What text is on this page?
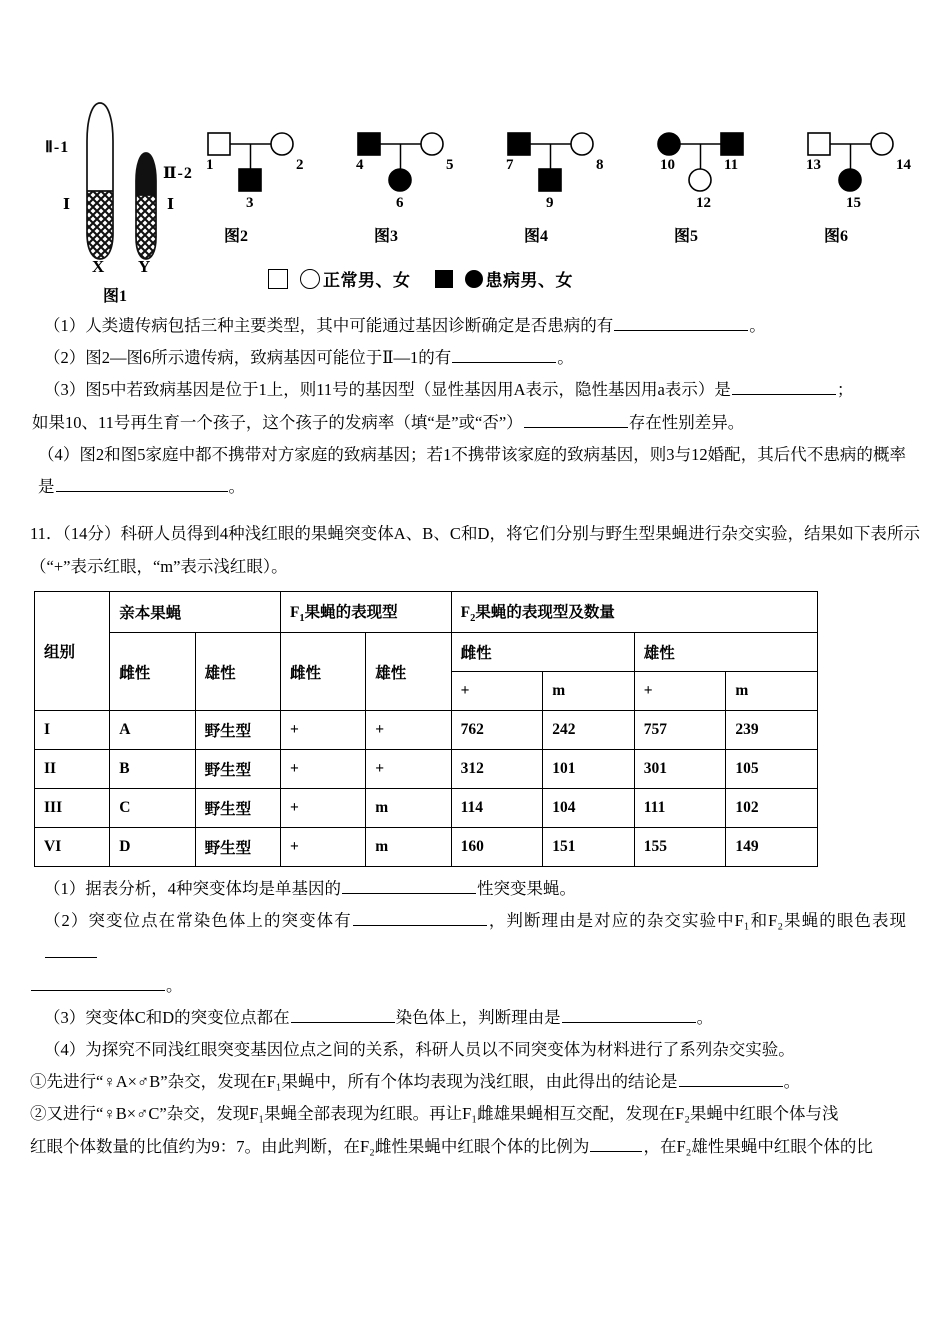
Ⅱ-1
Ⅱ-2
Ⅰ	Ⅰ
X Y
图1
1	2
3
图2
4	5
6
图3
7	8
9
图4
10	11
12
图5
13	14
15
图6
正常男、女	患病男、女

（1）人类遗传病包括三种主要类型，其中可能通过基因诊断确定是否患病的有	。

（2）图2—图6所示遗传病，致病基因可能位于Ⅱ—1的有	。

（3）图5中若致病基因是位于1上，则11号的基因型（显性基因用A表示，隐性基因用a表示）是	；

如果10、11号再生育一个孩子，这个孩子的发病率（填“是”或“否”）	存在性别差异。

（4）图2和图5家庭中都不携带对方家庭的致病基因；若1不携带该家庭的致病基因，则3与12婚配，其后代不患病的概率是	。

11．（14分）科研人员得到4种浅红眼的果蝇突变体A、B、C和D，将它们分别与野生型果蝇进行杂交实验，结果如下表所示（“+”表示红眼，“m”表示浅红眼）。

组别	亲本果蝇		$F_1$果蝇的表现型		$F_2$果蝇的表现型及数量			
	雌性	雄性	雌性	雄性	雌性		雄性	
					+	m	+	m
I	A	野生型	+	+	762	242	757	239
II	B	野生型	+	+	312	101	301	105
III	C	野生型	+	m	114	104	111	102
VI	D	野生型	+	m	160	151	155	149

（1）据表分析，4种突变体均是单基因的	性突变果蝇。

（2）突变位点在常染色体上的突变体有	，判断理由是对应的杂交实验中F₁和F₂果蝇的眼色表现

。

（3）突变体C和D的突变位点都在	染色体上，判断理由是	。

（4）为探究不同浅红眼突变基因位点之间的关系，科研人员以不同突变体为材料进行了系列杂交实验。

①先进行“♀A×♂B”杂交，发现在F₁果蝇中，所有个体均表现为浅红眼，由此得出的结论是	。

②又进行“♀B×♂C”杂交，发现F₁果蝇全部表现为红眼。再让F₁雌雄果蝇相互交配，发现在F₂果蝇中红眼个体与浅

红眼个体数量的比值约为9：7。由此判断，在F₂雌性果蝇中红眼个体的比例为	，在F₂雄性果蝇中红眼个体的比
